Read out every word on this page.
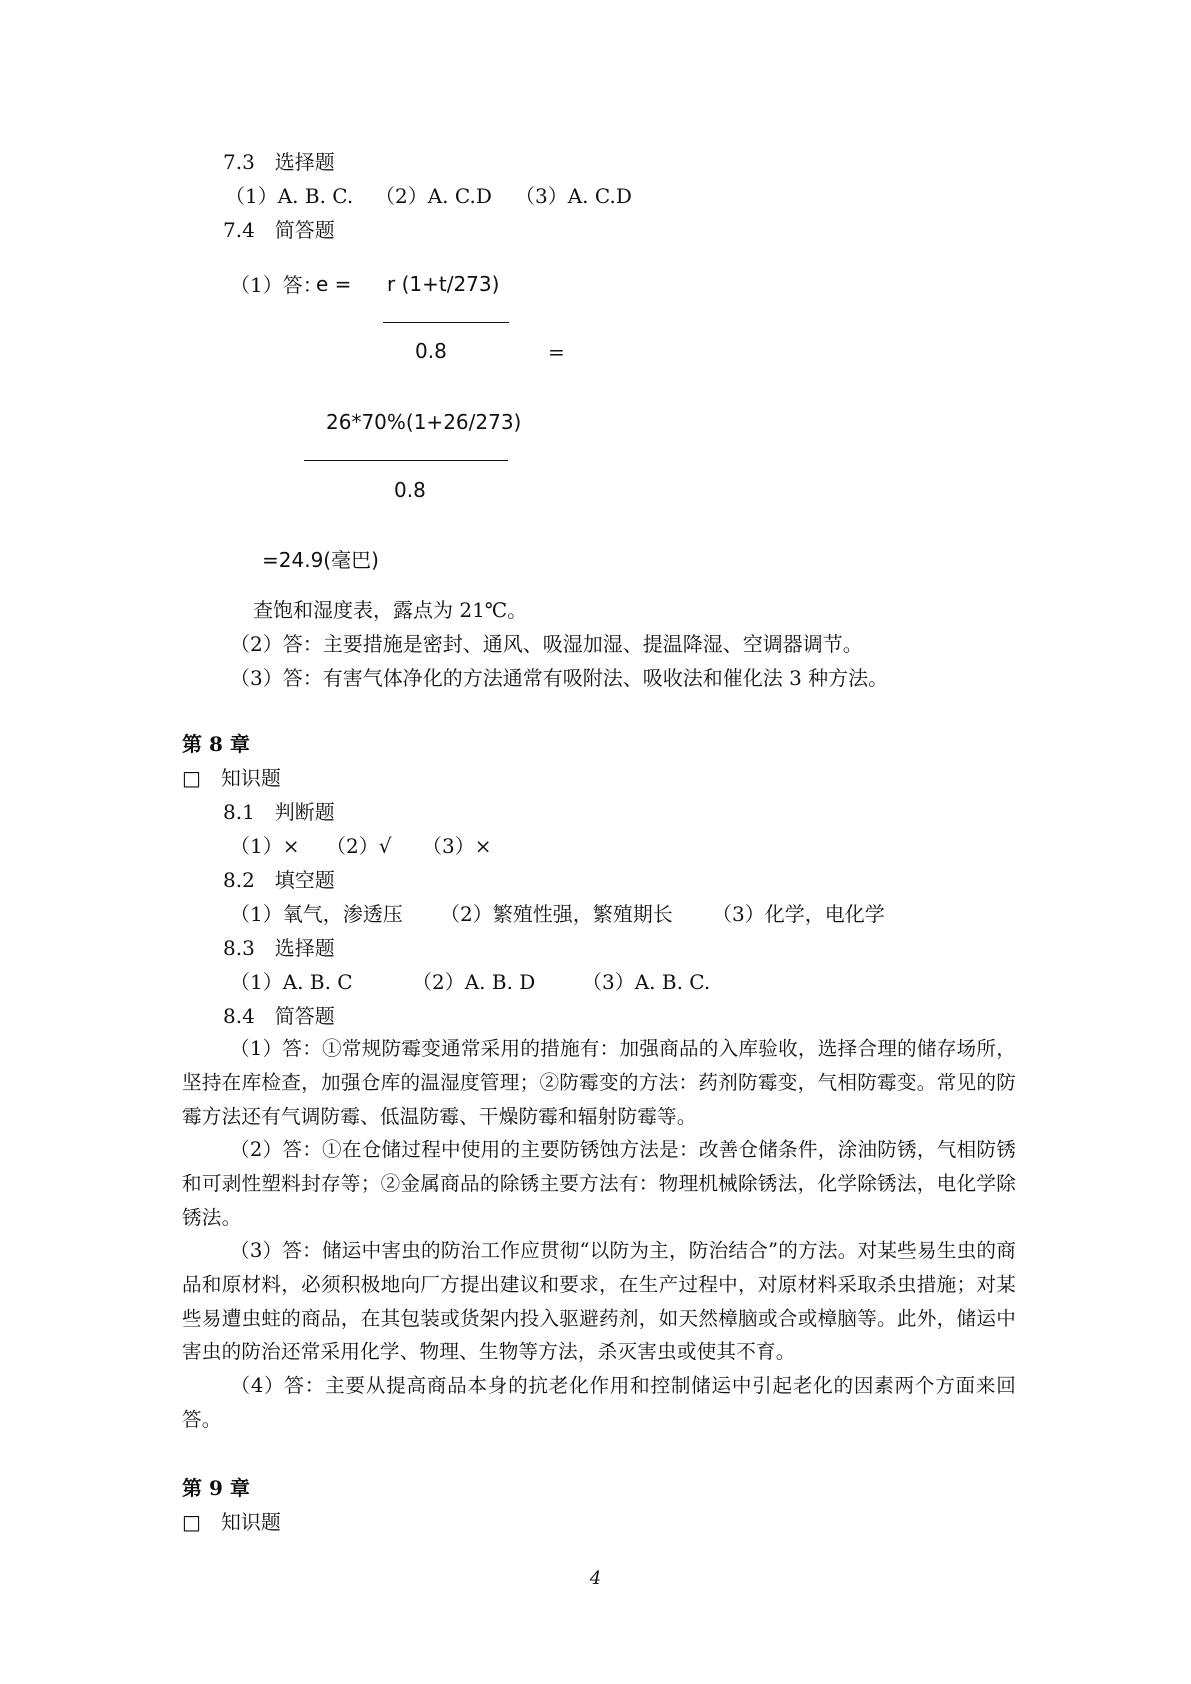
7.3　选择题
（1）A. B. C. （2）A. C.D （3）A. C.D
7.4　简答题
（1）答：
e = r (1+t/273)
0.8	=
26*70%(1+26/273)
0.8
=24.9(毫巴)
查饱和湿度表，露点为 21℃。
（2）答：主要措施是密封、通风、吸湿加湿、提温降湿、空调器调节。
（3）答：有害气体净化的方法通常有吸附法、吸收法和催化法 3 种方法。
第 8 章
□　知识题
8.1　判断题
（1）× （2）√ （3）×
8.2　填空题
（1）氧气，渗透压 （2）繁殖性强，繁殖期长 （3）化学，电化学
8.3　选择题
（1）A. B. C	（2）A. B. D （3）A. B. C.
8.4　简答题
（1）答：①常规防霉变通常采用的措施有：加强商品的入库验收，选择合理的储存场所，坚持在库检查，加强仓库的温湿度管理；②防霉变的方法：药剂防霉变，气相防霉变。常见的防霉方法还有气调防霉、低温防霉、干燥防霉和辐射防霉等。
（2）答：①在仓储过程中使用的主要防锈蚀方法是：改善仓储条件，涂油防锈，气相防锈和可剥性塑料封存等；②金属商品的除锈主要方法有：物理机械除锈法，化学除锈法，电化学除锈法。
（3）答：储运中害虫的防治工作应贯彻“以防为主，防治结合”的方法。对某些易生虫的商品和原材料，必须积极地向厂方提出建议和要求，在生产过程中，对原材料采取杀虫措施；对某些易遭虫蛀的商品，在其包装或货架内投入驱避药剂，如天然樟脑或合或樟脑等。此外，储运中害虫的防治还常采用化学、物理、生物等方法，杀灭害虫或使其不育。
（4）答：主要从提高商品本身的抗老化作用和控制储运中引起老化的因素两个方面来回答。
第 9 章
□　知识题
4
